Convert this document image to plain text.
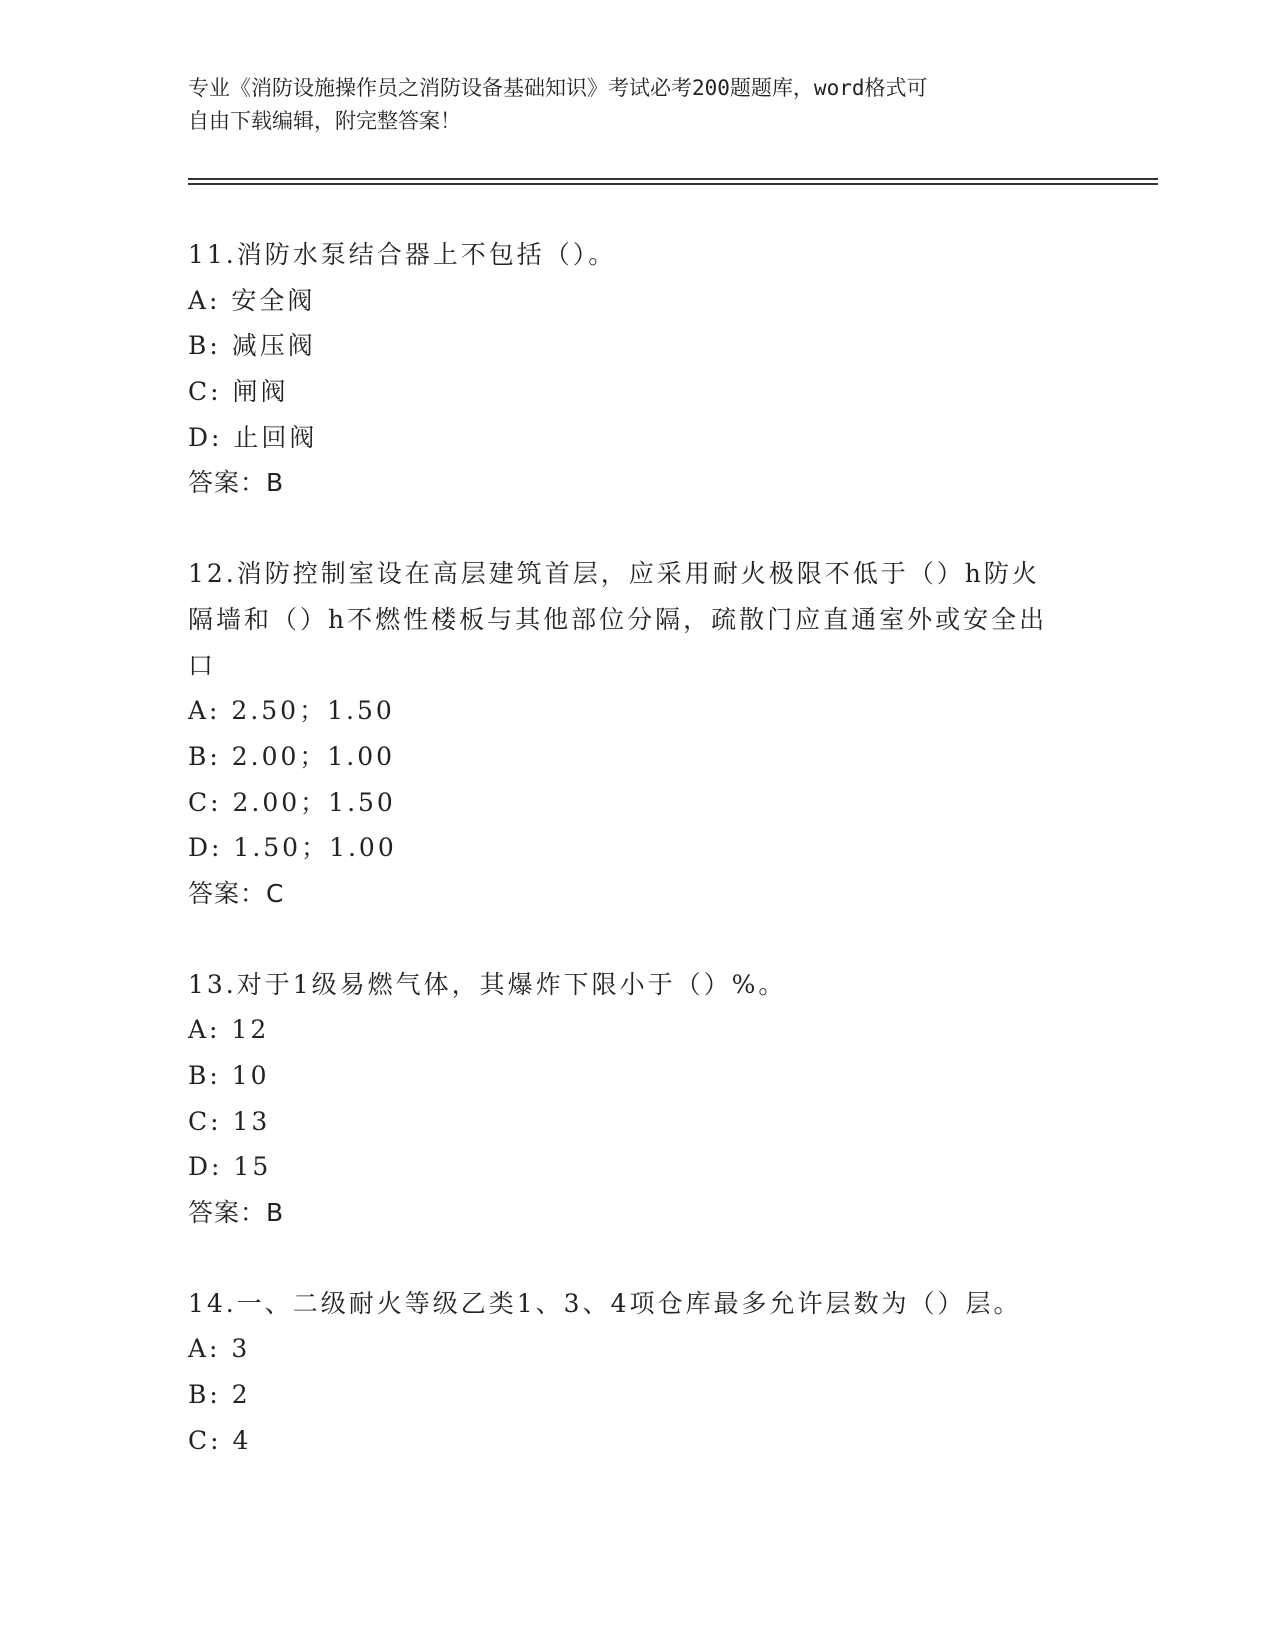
专业《消防设施操作员之消防设备基础知识》考试必考200题题库，word格式可
自由下载编辑，附完整答案！
11.消防水泵结合器上不包括（）。
A: 安全阀
B: 减压阀
C: 闸阀
D: 止回阀
答案：B
12.消防控制室设在高层建筑首层，应采用耐火极限不低于（）h防火
隔墙和（）h不燃性楼板与其他部位分隔，疏散门应直通室外或安全出
口
A: 2.50；1.50
B: 2.00；1.00
C: 2.00；1.50
D: 1.50；1.00
答案：C
13.对于1级易燃气体，其爆炸下限小于（）%。
A: 12
B: 10
C: 13
D: 15
答案：B
14.一、二级耐火等级乙类1、3、4项仓库最多允许层数为（）层。
A: 3
B: 2
C: 4
